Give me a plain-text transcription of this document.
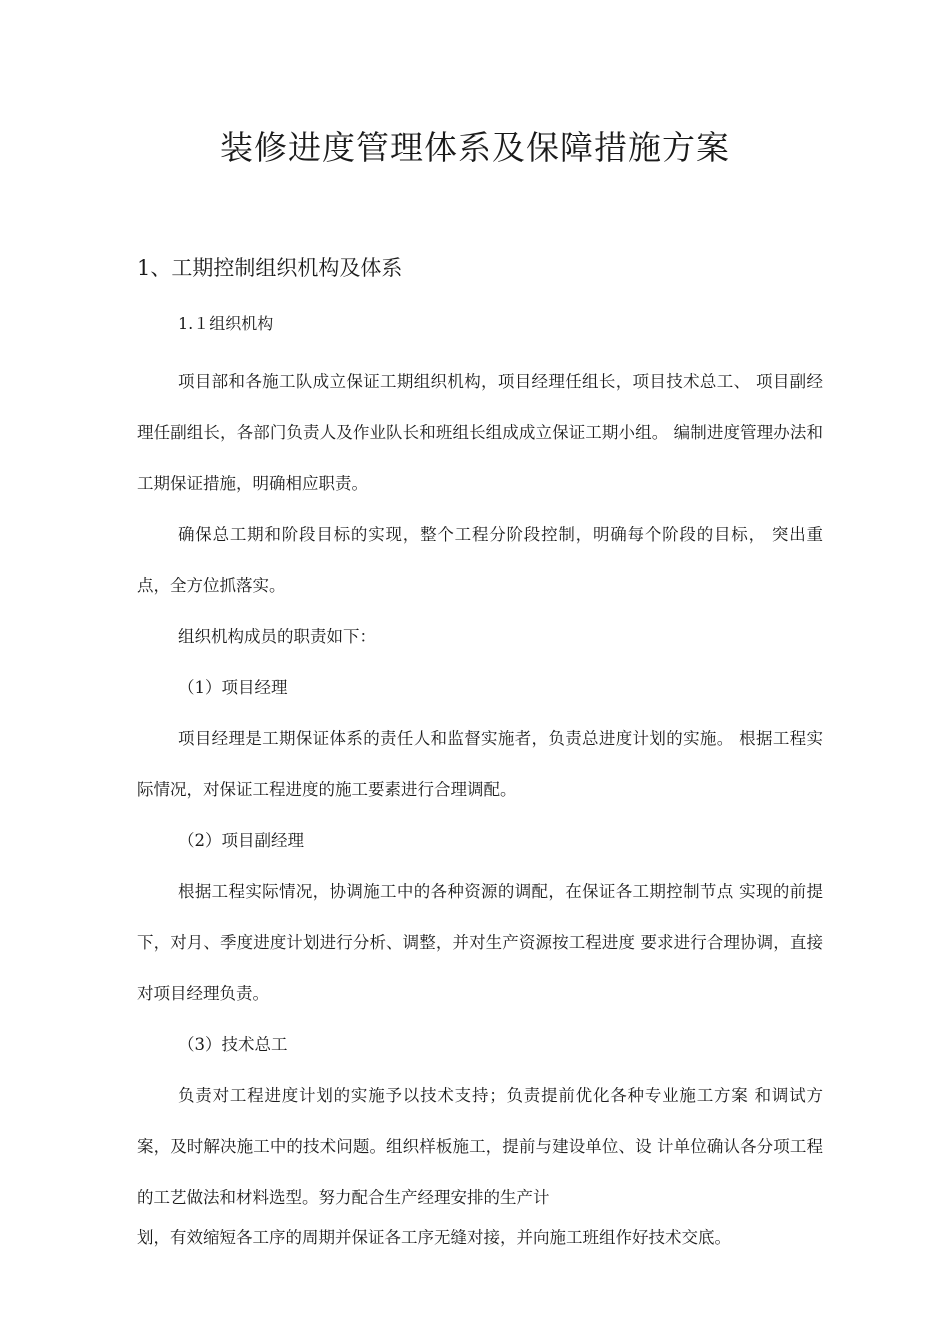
装修进度管理体系及保障措施方案
1、工期控制组织机构及体系
1.１组织机构

项目部和各施工队成立保证工期组织机构，项目经理任组长，项目技术总工、 项目副经理任副组长，各部门负责人及作业队长和班组长组成成立保证工期小组。 编制进度管理办法和工期保证措施，明确相应职责。

确保总工期和阶段目标的实现，整个工程分阶段控制，明确每个阶段的目标， 突出重点，全方位抓落实。

组织机构成员的职责如下：

（1）项目经理

项目经理是工期保证体系的责任人和监督实施者，负责总进度计划的实施。 根据工程实际情况，对保证工程进度的施工要素进行合理调配。

（2）项目副经理

根据工程实际情况，协调施工中的各种资源的调配，在保证各工期控制节点 实现的前提下，对月、季度进度计划进行分析、调整，并对生产资源按工程进度 要求进行合理协调，直接对项目经理负责。

（3）技术总工

负责对工程进度计划的实施予以技术支持；负责提前优化各种专业施工方案 和调试方案，及时解决施工中的技术问题。组织样板施工，提前与建设单位、设 计单位确认各分项工程的工艺做法和材料选型。努力配合生产经理安排的生产计

划，有效缩短各工序的周期并保证各工序无缝对接，并向施工班组作好技术交底。
